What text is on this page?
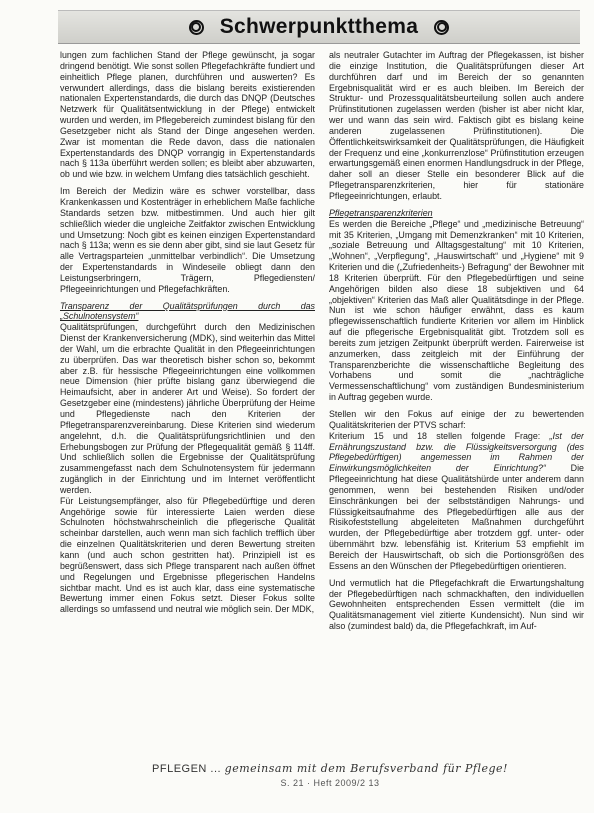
Schwerpunktthema

lungen zum fachlichen Stand der Pflege gewünscht, ja sogar dringend benötigt. Wie sonst sollen Pflegefachkräfte fundiert und einheitlich Pflege planen, durchführen und auswerten? Es verwundert allerdings, dass die bislang bereits existierenden nationalen Expertenstandards, die durch das DNQP (Deutsches Netzwerk für Qualitätsentwicklung in der Pflege) entwickelt wurden und werden, im Pflegebereich zumindest bislang für den Gesetzgeber nicht als Stand der Dinge angesehen werden. Zwar ist momentan die Rede davon, dass die nationalen Expertenstandards des DNQP vorrangig in Expertenstandards nach § 113a überführt werden sollen; es bleibt aber abzuwarten, ob und wie bzw. in welchem Umfang dies tatsächlich geschieht.

Im Bereich der Medizin wäre es schwer vorstellbar, dass Krankenkassen und Kostenträger in erheblichem Maße fachliche Standards setzen bzw. mitbestimmen. Und auch hier gilt schließlich wieder die ungleiche Zeitfaktor zwischen Entwicklung und Umsetzung: Noch gibt es keinen einzigen Expertenstandard nach § 113a; wenn es sie denn aber gibt, sind sie laut Gesetz für alle Vertragsparteien „unmittelbar verbindlich“. Die Umsetzung der Expertenstandards in Windeseile obliegt dann den Leistungserbringern, Trägern, Pflegediensten/ Pflegeeinrichtungen und Pflegefachkräften.

Transparenz der Qualitätsprüfungen durch das „Schulnotensystem“

Qualitätsprüfungen, durchgeführt durch den Medizinischen Dienst der Krankenversicherung (MDK), sind weiterhin das Mittel der Wahl, um die erbrachte Qualität in den Pflegeeinrichtungen zu überprüfen. Das war theoretisch bisher schon so, bekommt aber z.B. für hessische Pflegeeinrichtungen eine vollkommen neue Dimension (hier prüfte bislang ganz überwiegend die Heimaufsicht, aber in anderer Art und Weise). So fordert der Gesetzgeber eine (mindestens) jährliche Überprüfung der Heime und Pflegedienste nach den Kriterien der Pflegetransparenzvereinbarung. Diese Kriterien sind wiederum angelehnt, d.h. die Qualitätsprüfungsrichtlinien und den Erhebungsbogen zur Prüfung der Pflegequalität gemäß § 114ff. Und schließlich sollen die Ergebnisse der Qualitätsprüfung zusammengefasst nach dem Schulnotensystem für jedermann zugänglich in der Einrichtung und im Internet veröffentlicht werden.

Für Leistungsempfänger, also für Pflegebedürftige und deren Angehörige sowie für interessierte Laien werden diese Schulnoten höchstwahrscheinlich die pflegerische Qualität scheinbar darstellen, auch wenn man sich fachlich trefflich über die einzelnen Qualitätskriterien und deren Bewertung streiten kann (und auch schon gestritten hat). Prinzipiell ist es begrüßenswert, dass sich Pflege transparent nach außen öffnet und Regelungen und Ergebnisse pflegerischen Handelns sichtbar macht. Und es ist auch klar, dass eine systematische Bewertung immer einen Fokus setzt. Dieser Fokus sollte allerdings so umfassend und neutral wie möglich sein. Der MDK,

als neutraler Gutachter im Auftrag der Pflegekassen, ist bisher die einzige Institution, die Qualitätsprüfungen dieser Art durchführen darf und im Bereich der so genannten Ergebnisqualität wird er es auch bleiben. Im Bereich der Struktur- und Prozessqualitätsbeurteilung sollen auch andere Prüfinstitutionen zugelassen werden (bisher ist aber nicht klar, wer und wann das sein wird. Faktisch gibt es bislang keine anderen zugelassenen Prüfinstitutionen). Die Öffentlichkeitswirksamkeit der Qualitätsprüfungen, die Häufigkeit der Frequenz und eine „konkurrenzlose“ Prüfinstitution erzeugen erwartungsgemäß einen enormen Handlungsdruck in der Pflege, daher soll an dieser Stelle ein besonderer Blick auf die Pflegetransparenzkriterien, hier für stationäre Pflegeeinrichtungen, erlaubt.

Pflegetransparenzkriterien

Es werden die Bereiche „Pflege“ und „medizinische Betreuung“ mit 35 Kriterien, „Umgang mit Demenzkranken“ mit 10 Kriterien, „soziale Betreuung und Alltagsgestaltung“ mit 10 Kriterien, „Wohnen“, „Verpflegung“, „Hauswirtschaft“ und „Hygiene“ mit 9 Kriterien und die („Zufriedenheits-) Befragung“ der Bewohner mit 18 Kriterien überprüft. Für den Pflegebedürftigen und seine Angehörigen bilden also diese 18 subjektiven und 64 „objektiven“ Kriterien das Maß aller Qualitätsdinge in der Pflege. Nun ist wie schon häufiger erwähnt, dass es kaum pflegewissenschaftlich fundierte Kriterien vor allem im Hinblick auf die pflegerische Ergebnisqualität gibt. Trotzdem soll es bereits zum jetzigen Zeitpunkt überprüft werden. Fairerweise ist anzumerken, dass zeitgleich mit der Einführung der Transparenzberichte die wissenschaftliche Begleitung des Vorhabens und somit die „nachträgliche Vermessenschaftlichung“ vom zuständigen Bundesministerium in Auftrag gegeben wurde.

Stellen wir den Fokus auf einige der zu bewertenden Qualitätskriterien der PTVS scharf:

Kriterium 15 und 18 stellen folgende Frage: „Ist der Ernährungszustand bzw. die Flüssigkeitsversorgung (des Pflegebedürftigen) angemessen im Rahmen der Einwirkungsmöglichkeiten der Einrichtung?“ Die Pflegeeinrichtung hat diese Qualitätshürde unter anderem dann genommen, wenn bei bestehenden Risiken und/oder Einschränkungen bei der selbstständigen Nahrungs- und Flüssigkeitsaufnahme des Pflegebedürftigen alle aus der Risikofeststellung abgeleiteten Maßnahmen durchgeführt wurden, der Pflegebedürftige aber trotzdem ggf. unter- oder übernmährt bzw. lebensfähig ist. Kriterium 53 empfiehlt im Bereich der Hauswirtschaft, ob sich die Portionsgrößen des Essens an den Wünschen der Pflegebedürftigen orientieren.

Und vermutlich hat die Pflegefachkraft die Erwartungshaltung der Pflegebedürftigen nach schmackhaften, den individuellen Gewohnheiten entsprechenden Essen vermittelt (die im Qualitätsmanagement viel zitierte Kundensicht). Nun sind wir also (zumindest bald) da, die Pflegefachkraft, im Auf-

PFLEGEN ... gemeinsam mit dem Berufsverband für Pflege!
S. 21 · Heft 2009/2 13
